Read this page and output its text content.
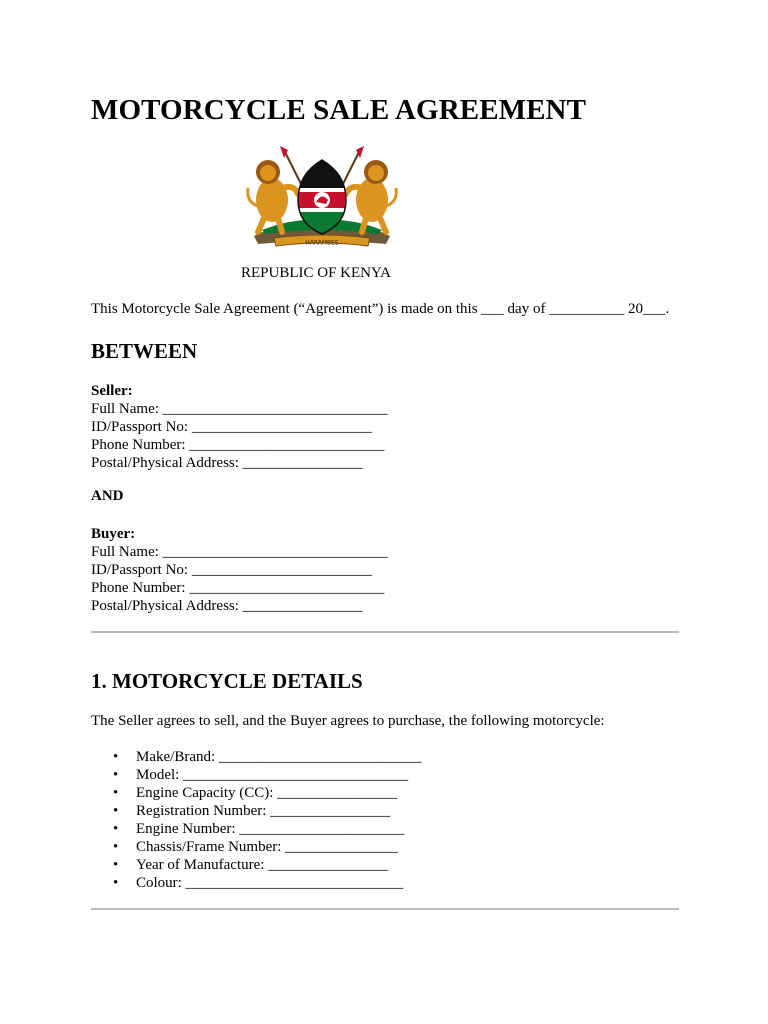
MOTORCYCLE SALE AGREEMENT
HARAMBEE
REPUBLIC OF KENYA
This Motorcycle Sale Agreement (“Agreement”) is made on this ___ day of __________ 20___.
BETWEEN
Seller:
Full Name: ______________________________
ID/Passport No: ________________________
Phone Number: __________________________
Postal/Physical Address: ________________
AND
Buyer:
Full Name: ______________________________
ID/Passport No: ________________________
Phone Number: __________________________
Postal/Physical Address: ________________
1. MOTORCYCLE DETAILS
The Seller agrees to sell, and the Buyer agrees to purchase, the following motorcycle:
• Make/Brand: ___________________________
• Model: ______________________________
• Engine Capacity (CC): ________________
• Registration Number: ________________
• Engine Number: ______________________
• Chassis/Frame Number: _______________
• Year of Manufacture: ________________
• Colour: _____________________________
